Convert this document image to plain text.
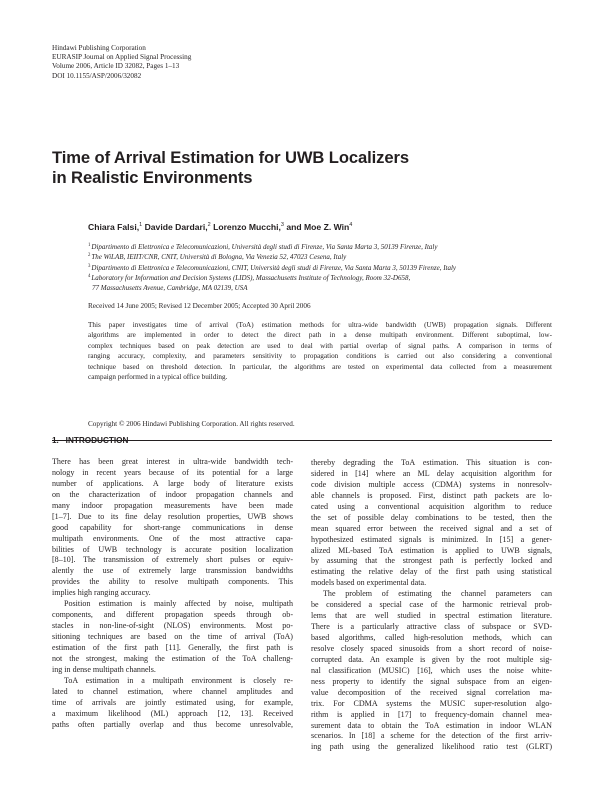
Hindawi Publishing Corporation
EURASIP Journal on Applied Signal Processing
Volume 2006, Article ID 32082, Pages 1–13
DOI 10.1155/ASP/2006/32082
Time of Arrival Estimation for UWB Localizers
in Realistic Environments
Chiara Falsi,$^1$ Davide Dardari,$^2$ Lorenzo Mucchi,$^3$ and Moe Z. Win$^4$
$^1$Dipartimento di Elettronica e Telecomunicazioni, Università degli studi di Firenze, Via Santa Marta 3, 50139 Firenze, Italy
$^2$The WiLAB, IEIIT/CNR, CNIT, Università di Bologna, Via Venezia 52, 47023 Cesena, Italy
$^3$Dipartimento di Elettronica e Telecomunicazioni, CNIT, Università degli studi di Firenze, Via Santa Marta 3, 50139 Firenze, Italy
$^4$Laboratory for Information and Decision Systems (LIDS), Massachusetts Institute of Technology, Room 32-D658,
77 Massachusetts Avenue, Cambridge, MA 02139, USA
Received 14 June 2005; Revised 12 December 2005; Accepted 30 April 2006
This paper investigates time of arrival (ToA) estimation methods for ultra-wide bandwidth (UWB) propagation signals. Different
algorithms are implemented in order to detect the direct path in a dense multipath environment. Different suboptimal, low-
complex techniques based on peak detection are used to deal with partial overlap of signal paths. A comparison in terms of
ranging accuracy, complexity, and parameters sensitivity to propagation conditions is carried out also considering a conventional
technique based on threshold detection. In particular, the algorithms are tested on experimental data collected from a measurement
campaign performed in a typical office building.
Copyright © 2006 Hindawi Publishing Corporation. All rights reserved.
1. INTRODUCTION
There has been great interest in ultra-wide bandwidth tech-
nology in recent years because of its potential for a large
number of applications. A large body of literature exists
on the characterization of indoor propagation channels and
many indoor propagation measurements have been made
[1–7]. Due to its fine delay resolution properties, UWB shows
good capability for short-range communications in dense
multipath environments. One of the most attractive capa-
bilities of UWB technology is accurate position localization
[8–10]. The transmission of extremely short pulses or equiv-
alently the use of extremely large transmission bandwidths
provides the ability to resolve multipath components. This
implies high ranging accuracy.
Position estimation is mainly affected by noise, multipath
components, and different propagation speeds through ob-
stacles in non-line-of-sight (NLOS) environments. Most po-
sitioning techniques are based on the time of arrival (ToA)
estimation of the first path [11]. Generally, the first path is
not the strongest, making the estimation of the ToA challeng-
ing in dense multipath channels.
ToA estimation in a multipath environment is closely re-
lated to channel estimation, where channel amplitudes and
time of arrivals are jointly estimated using, for example,
a maximum likelihood (ML) approach [12, 13]. Received
paths often partially overlap and thus become unresolvable,
thereby degrading the ToA estimation. This situation is con-
sidered in [14] where an ML delay acquisition algorithm for
code division multiple access (CDMA) systems in nonresolv-
able channels is proposed. First, distinct path packets are lo-
cated using a conventional acquisition algorithm to reduce
the set of possible delay combinations to be tested, then the
mean squared error between the received signal and a set of
hypothesized estimated signals is minimized. In [15] a gener-
alized ML-based ToA estimation is applied to UWB signals,
by assuming that the strongest path is perfectly locked and
estimating the relative delay of the first path using statistical
models based on experimental data.
The problem of estimating the channel parameters can
be considered a special case of the harmonic retrieval prob-
lems that are well studied in spectral estimation literature.
There is a particularly attractive class of subspace or SVD-
based algorithms, called high-resolution methods, which can
resolve closely spaced sinusoids from a short record of noise-
corrupted data. An example is given by the root multiple sig-
nal classification (MUSIC) [16], which uses the noise white-
ness property to identify the signal subspace from an eigen-
value decomposition of the received signal correlation ma-
trix. For CDMA systems the MUSIC super-resolution algo-
rithm is applied in [17] to frequency-domain channel mea-
surement data to obtain the ToA estimation in indoor WLAN
scenarios. In [18] a scheme for the detection of the first arriv-
ing path using the generalized likelihood ratio test (GLRT)
